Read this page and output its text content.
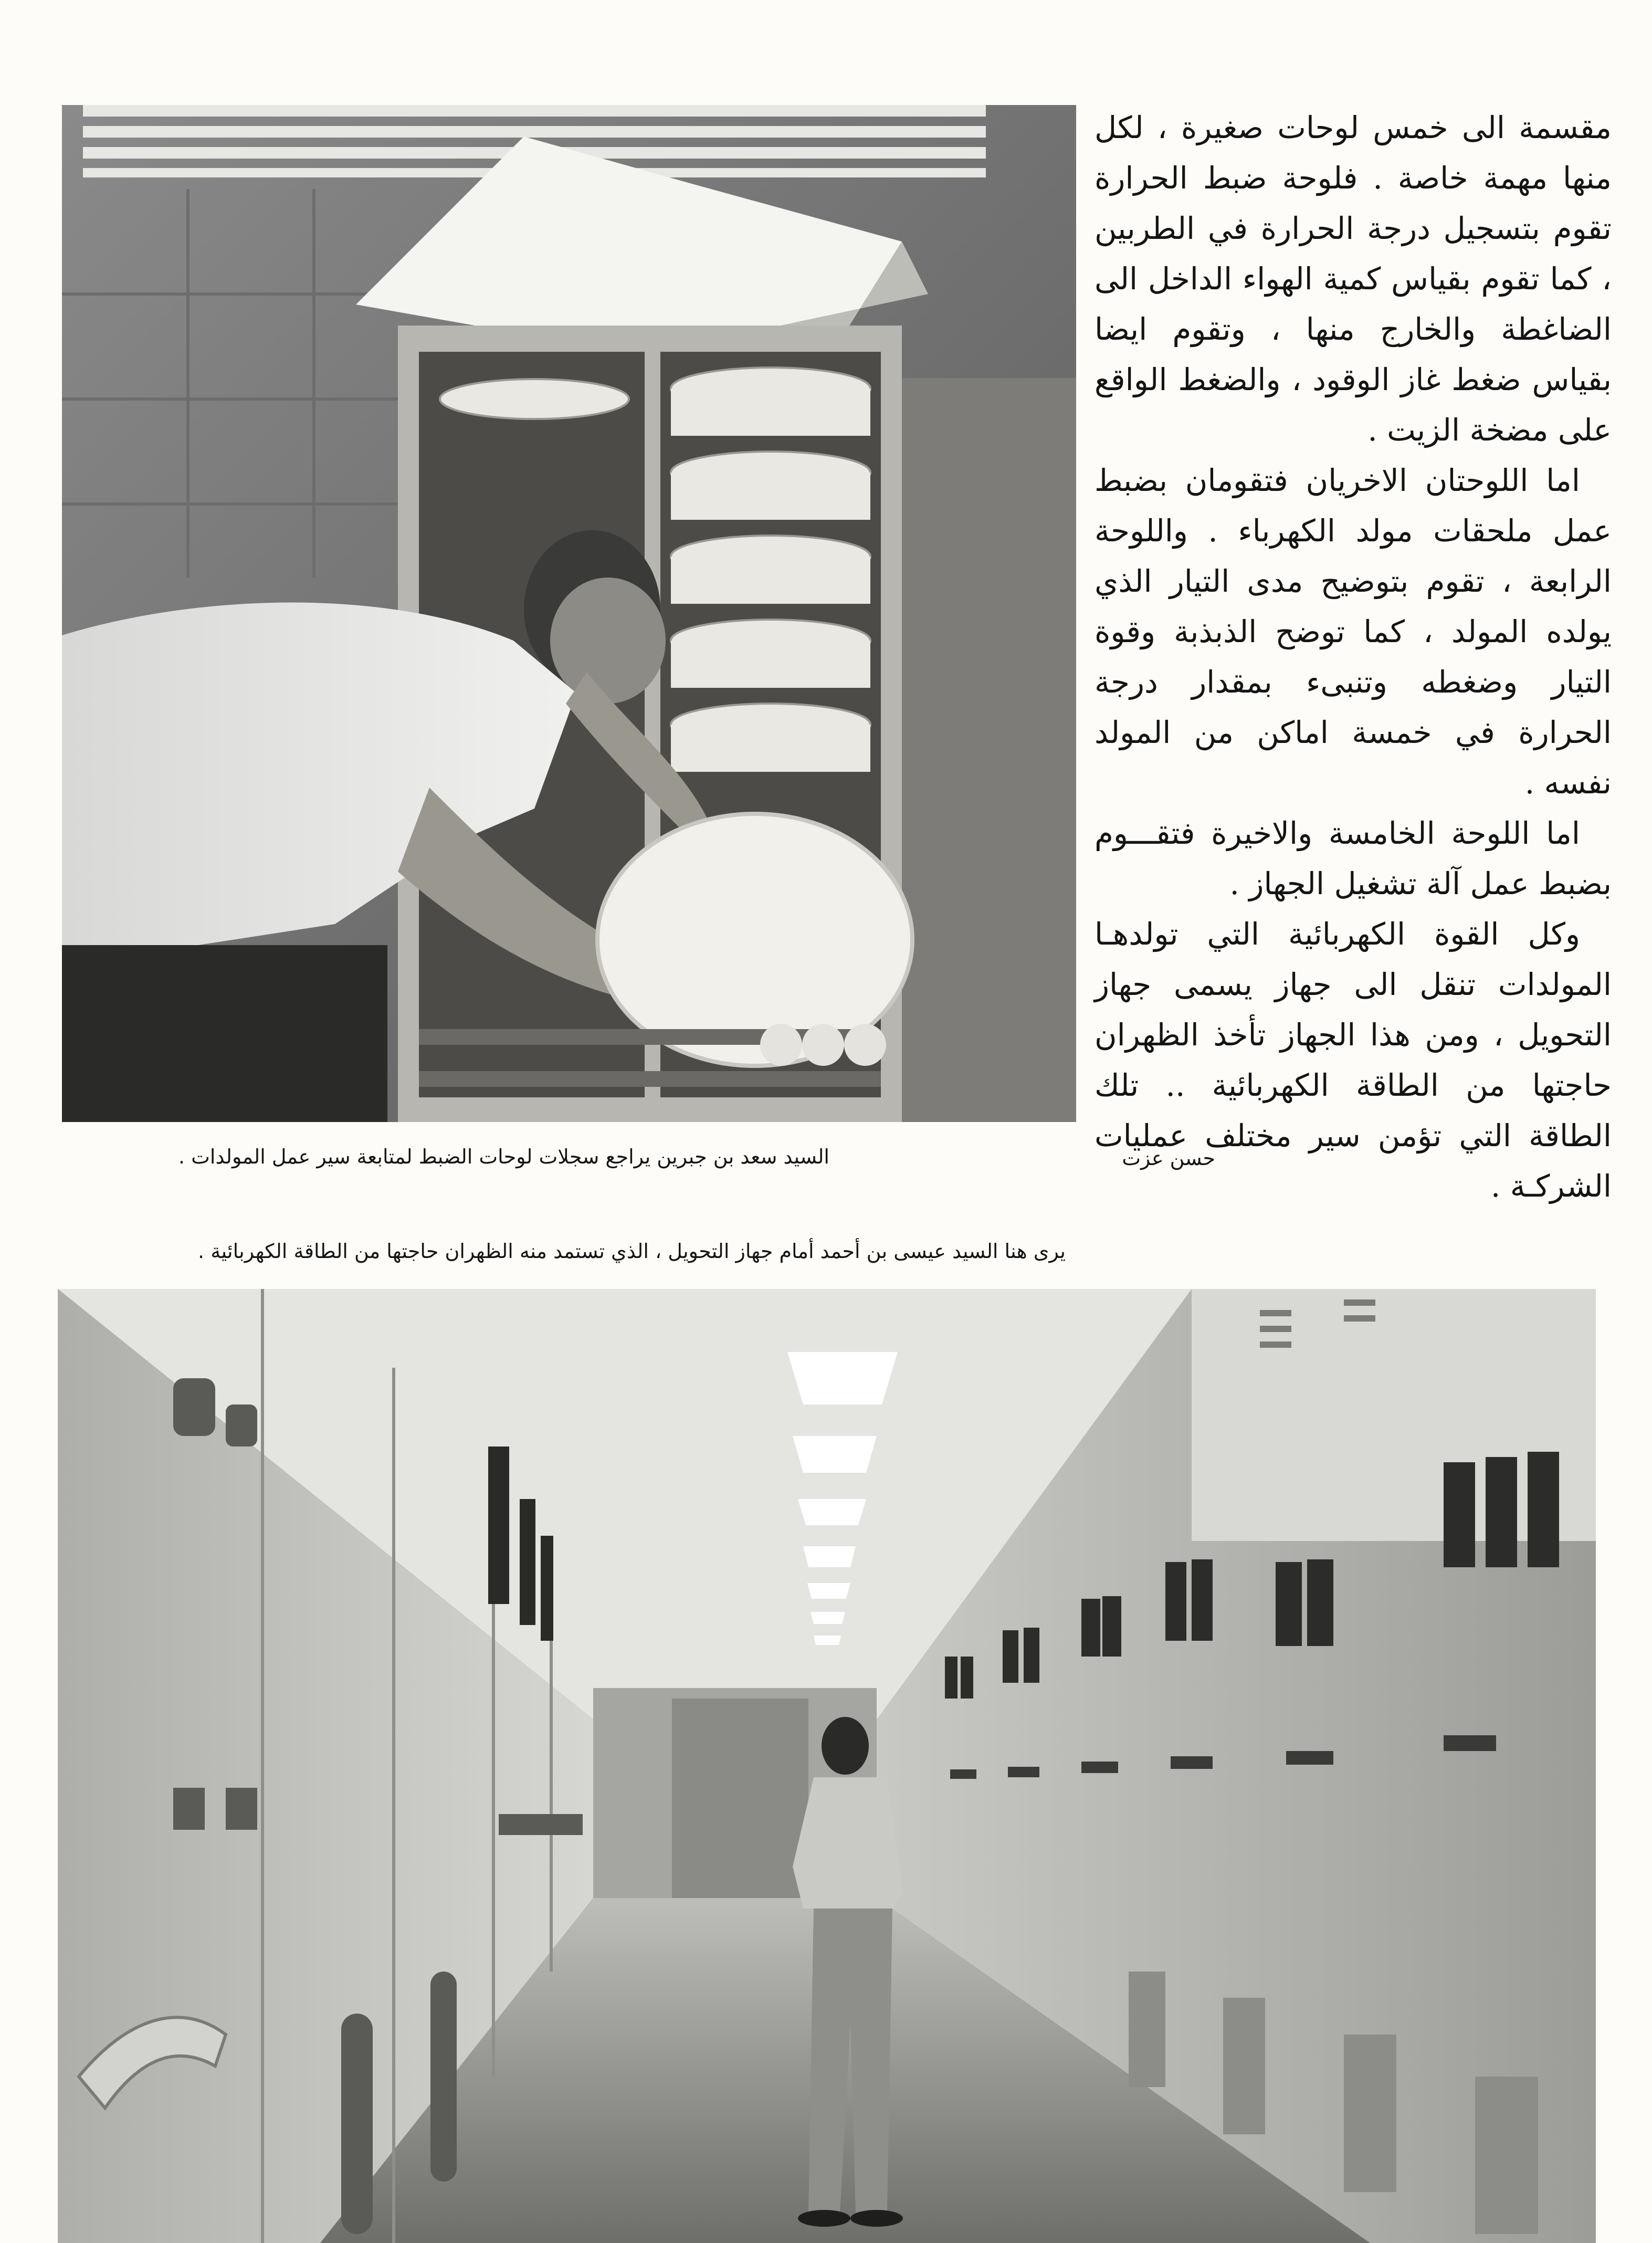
مقسمة الى خمس لوحات صغيرة ، لكل منها مهمة خاصة . فلوحة ضبط الحرارة تقوم بتسجيل درجة الحرارة في الطربين ، كما تقوم بقياس كمية الهواء الداخل الى الضاغطة والخارج منها ، وتقوم ايضا بقياس ضغط غاز الوقود ، والضغط الواقع على مضخة الزيت .

اما اللوحتان الاخريان فتقومان بضبط عمل ملحقات مولد الكهرباء . واللوحة الرابعة ، تقوم بتوضيح مدى التيار الذي يولده المولد ، كما توضح الذبذبة وقوة التيار وضغطه وتنبىء بمقدار درجة الحرارة في خمسة اماكن من المولد نفسه .

اما اللوحة الخامسة والاخيرة فتقـــوم بضبط عمل آلة تشغيل الجهاز .

وكل القوة الكهربائية التي تولدهـا المولدات تنقل الى جهاز يسمى جهاز التحويل ، ومن هذا الجهاز تأخذ الظهران حاجتها من الطاقة الكهربائية .. تلك الطاقة التي تؤمن سير مختلف عمليات الشركـة .

حسن عزت
السيد سعد بن جبرين يراجع سجلات لوحات الضبط لمتابعة سير عمل المولدات .
يرى هنا السيد عيسى بن أحمد أمام جهاز التحويل ، الذي تستمد منه الظهران حاجتها من الطاقة الكهربائية .
